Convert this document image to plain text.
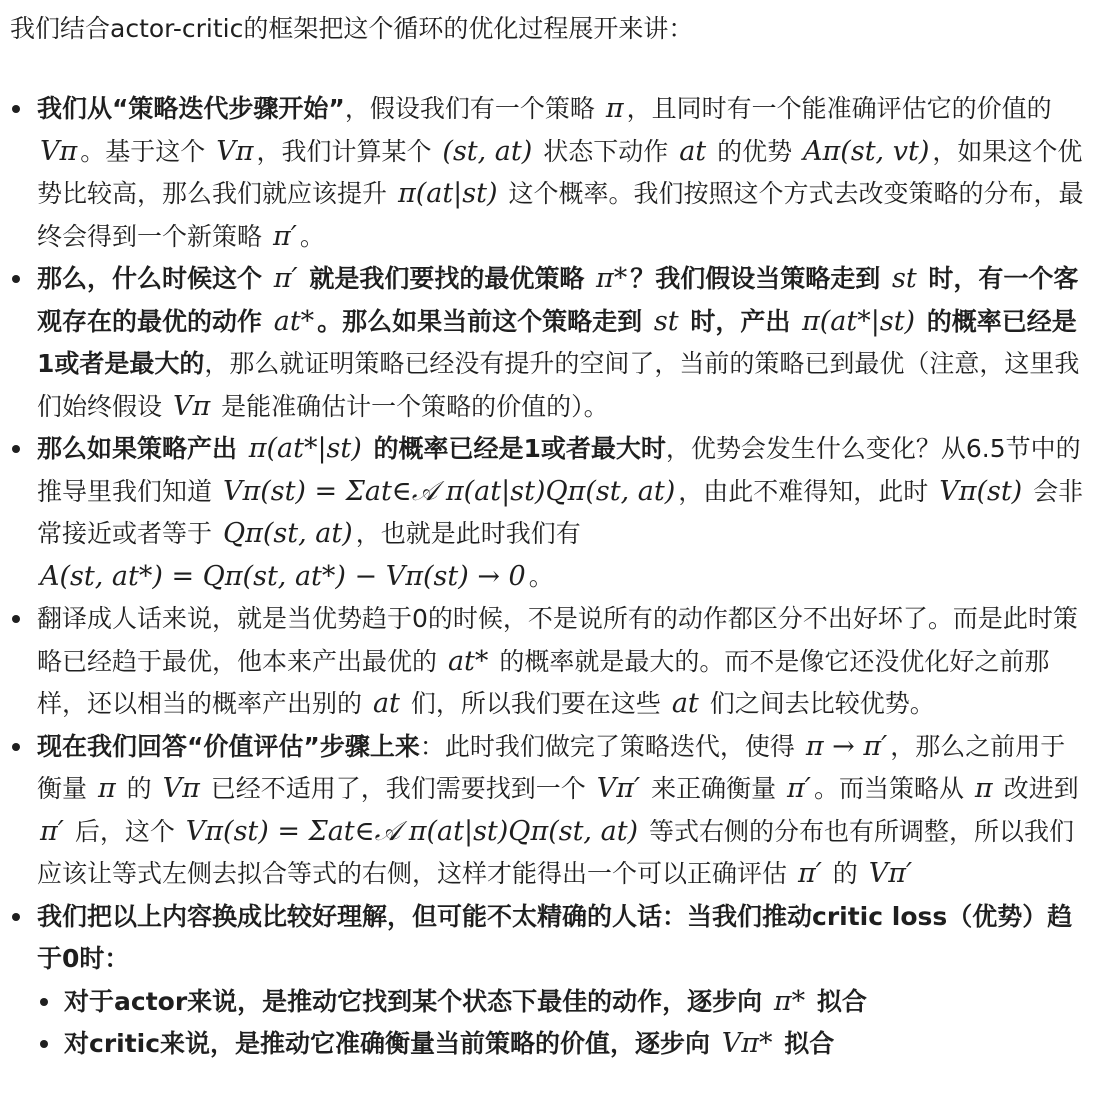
我们结合actor-critic的框架把这个循环的优化过程展开来讲：

我们从“策略迭代步骤开始”，假设我们有一个策略 π ，且同时有一个能准确评估它的价值的 Vπ 。基于这个 Vπ ，我们计算某个 (st, at) 状态下动作 at 的优势 Aπ(st, vt) ，如果这个优势比较高，那么我们就应该提升 π(at|st) 这个概率。我们按照这个方式去改变策略的分布，最终会得到一个新策略 π′ 。
那么，什么时候这个 π′ 就是我们要找的最优策略 π* ？我们假设当策略走到 st 时，有一个客观存在的最优的动作 at* 。那么如果当前这个策略走到 st 时，产出 π(at*|st) 的概率已经是1或者是最大的，那么就证明策略已经没有提升的空间了，当前的策略已到最优（注意，这里我们始终假设 Vπ 是能准确估计一个策略的价值的）。
那么如果策略产出 π(at*|st) 的概率已经是1或者最大时，优势会发生什么变化？从6.5节中的推导里我们知道 Vπ(st) = Σat∈𝒜 π(at|st)Qπ(st, at) ，由此不难得知，此时 Vπ(st) 会非常接近或者等于 Qπ(st, at) ，也就是此时我们有 A(st, at*) = Qπ(st, at*) − Vπ(st) → 0 。
翻译成人话来说，就是当优势趋于0的时候，不是说所有的动作都区分不出好坏了。而是此时策略已经趋于最优，他本来产出最优的 at* 的概率就是最大的。而不是像它还没优化好之前那样，还以相当的概率产出别的 at 们，所以我们要在这些 at 们之间去比较优势。
现在我们回答“价值评估”步骤上来：此时我们做完了策略迭代，使得 π → π′ ，那么之前用于衡量 π 的 Vπ 已经不适用了，我们需要找到一个 Vπ′ 来正确衡量 π′ 。而当策略从 π 改进到 π′ 后，这个 Vπ(st) = Σat∈𝒜 π(at|st)Qπ(st, at) 等式右侧的分布也有所调整，所以我们应该让等式左侧去拟合等式的右侧，这样才能得出一个可以正确评估 π′ 的 Vπ′
我们把以上内容换成比较好理解，但可能不太精确的人话：当我们推动critic loss（优势）趋于0时：
对于actor来说，是推动它找到某个状态下最佳的动作，逐步向 π* 拟合
对critic来说，是推动它准确衡量当前策略的价值，逐步向 Vπ* 拟合
